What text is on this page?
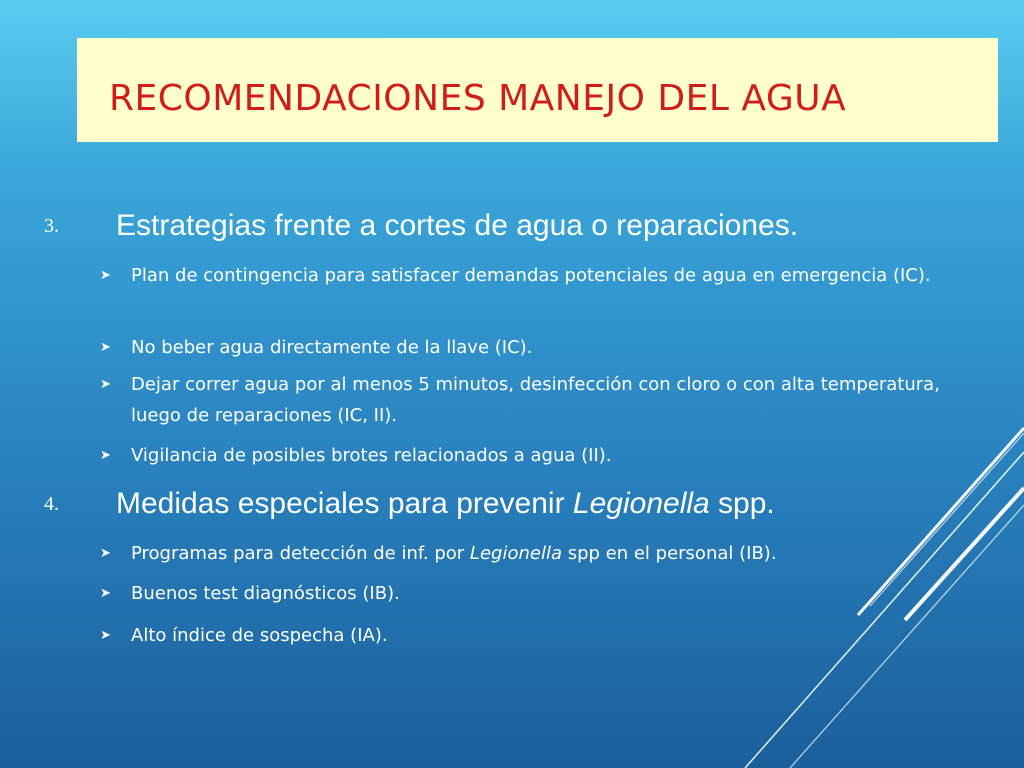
RECOMENDACIONES MANEJO DEL AGUA
3. Estrategias frente a cortes de agua o reparaciones.
➤ Plan de contingencia para satisfacer demandas potenciales de agua en emergencia (IC).
➤ No beber agua directamente de la llave (IC).
➤ Dejar correr agua por al menos 5 minutos, desinfección con cloro o con alta temperatura, luego de reparaciones (IC, II).
➤ Vigilancia de posibles brotes relacionados a agua (II).
4. Medidas especiales para prevenir Legionella spp.
➤ Programas para detección de inf. por Legionella spp en el personal (IB).
➤ Buenos test diagnósticos (IB).
➤ Alto índice de sospecha (IA).
